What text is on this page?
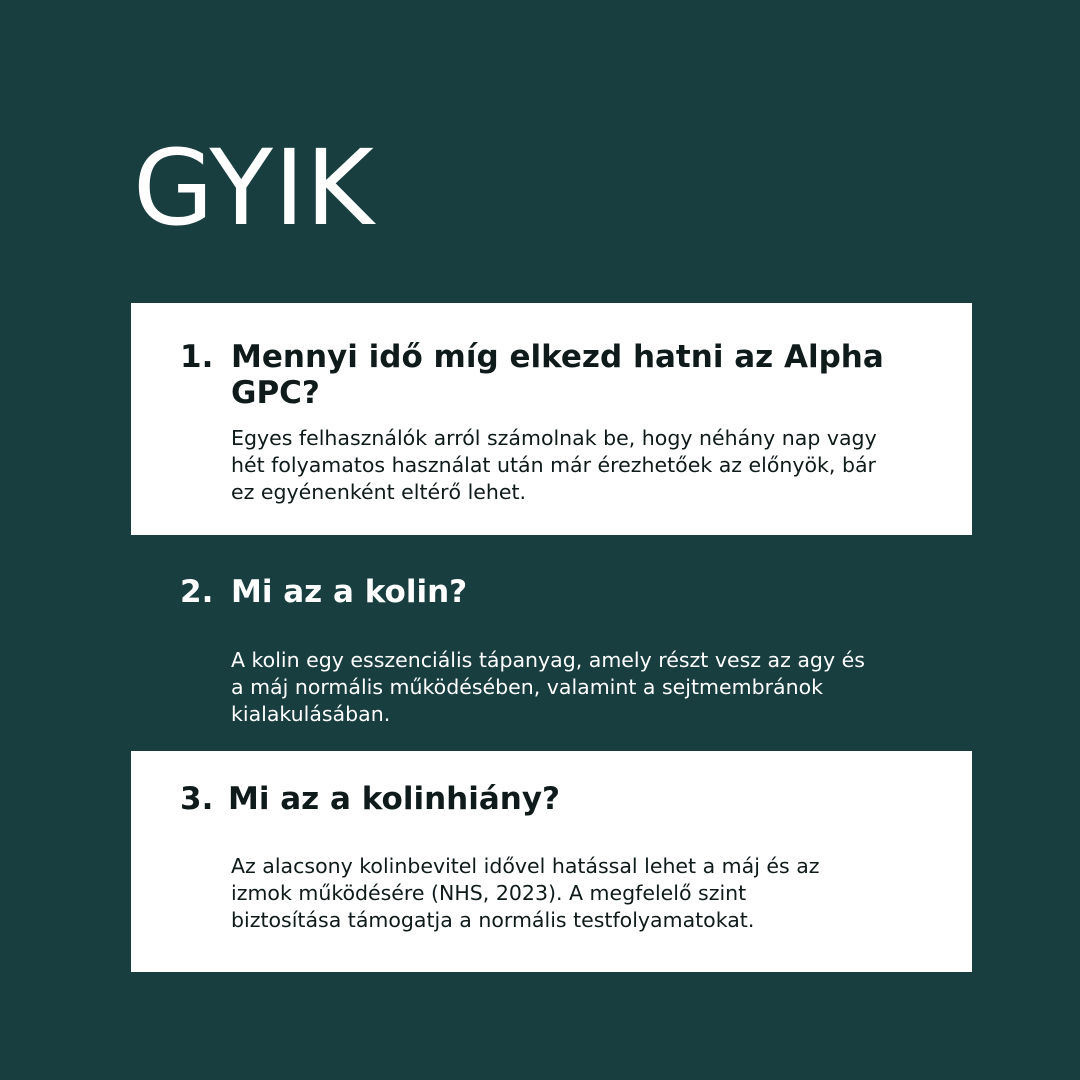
GYIK
1. Mennyi idő míg elkezd hatni az Alpha GPC?

Egyes felhasználók arról számolnak be, hogy néhány nap vagy hét folyamatos használat után már érezhetőek az előnyök, bár ez egyénenként eltérő lehet.

2. Mi az a kolin?

A kolin egy esszenciális tápanyag, amely részt vesz az agy és a máj normális működésében, valamint a sejtmembránok kialakulásában.

3. Mi az a kolinhiány?

Az alacsony kolinbevitel idővel hatással lehet a máj és az izmok működésére (NHS, 2023). A megfelelő szint biztosítása támogatja a normális testfolyamatokat.
